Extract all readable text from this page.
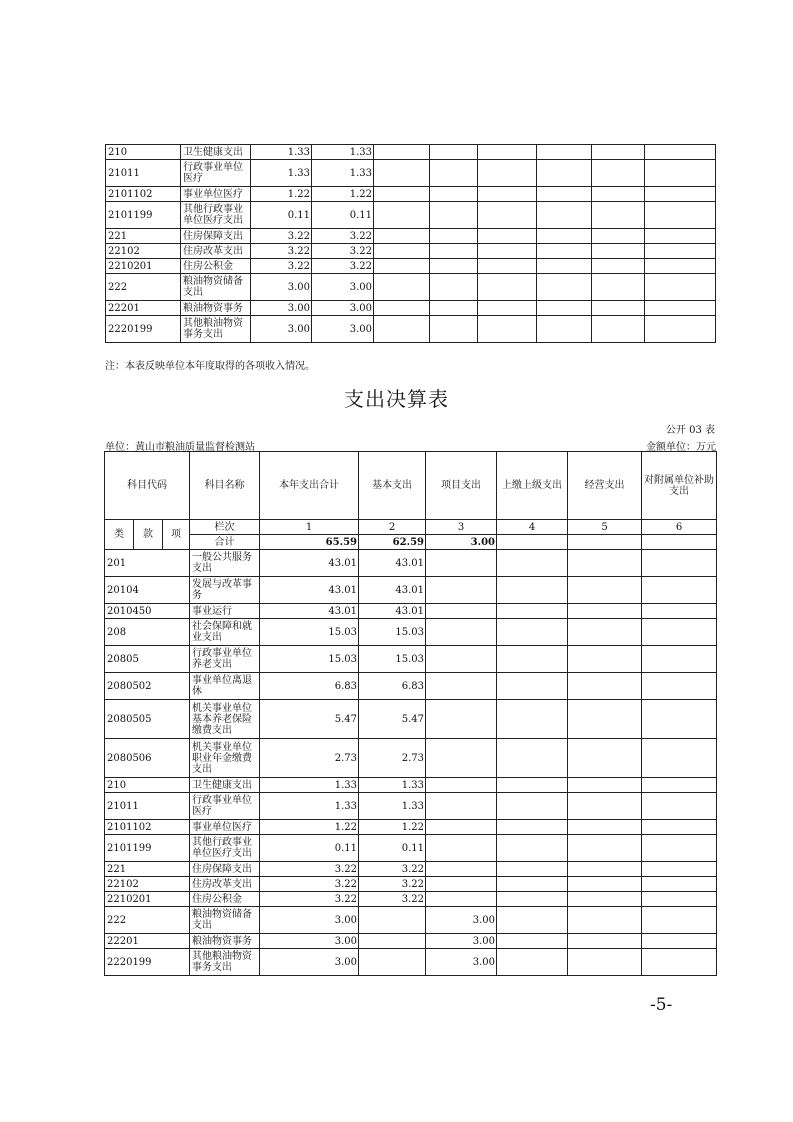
210	卫生健康支出	1.33	1.33						
21011	行政事业单位医疗	1.33	1.33						
2101102	事业单位医疗	1.22	1.22						
2101199	其他行政事业单位医疗支出	0.11	0.11						
221	住房保障支出	3.22	3.22						
22102	住房改革支出	3.22	3.22						
2210201	住房公积金	3.22	3.22						
222	粮油物资储备支出	3.00	3.00						
22201	粮油物资事务	3.00	3.00						
2220199	其他粮油物资事务支出	3.00	3.00						
注：本表反映单位本年度取得的各项收入情况。
支出决算表
公开 03 表
单位：黄山市粮油质量监督检测站	金额单位：万元
科目代码			科目名称	本年支出合计	基本支出	项目支出	上缴上级支出	经营支出	对附属单位补助支出
类	款	项	栏次	1	2	3	4	5	6
			合计	65.59	62.59	3.00			
201			一般公共服务支出	43.01	43.01				
20104			发展与改革事务	43.01	43.01				
2010450			事业运行	43.01	43.01				
208			社会保障和就业支出	15.03	15.03				
20805			行政事业单位养老支出	15.03	15.03				
2080502			事业单位离退休	6.83	6.83				
2080505			机关事业单位基本养老保险缴费支出	5.47	5.47				
2080506			机关事业单位职业年金缴费支出	2.73	2.73				
210			卫生健康支出	1.33	1.33				
21011			行政事业单位医疗	1.33	1.33				
2101102			事业单位医疗	1.22	1.22				
2101199			其他行政事业单位医疗支出	0.11	0.11				
221			住房保障支出	3.22	3.22				
22102			住房改革支出	3.22	3.22				
2210201			住房公积金	3.22	3.22				
222			粮油物资储备支出	3.00		3.00			
22201			粮油物资事务	3.00		3.00			
2220199			其他粮油物资事务支出	3.00		3.00			
-5-
